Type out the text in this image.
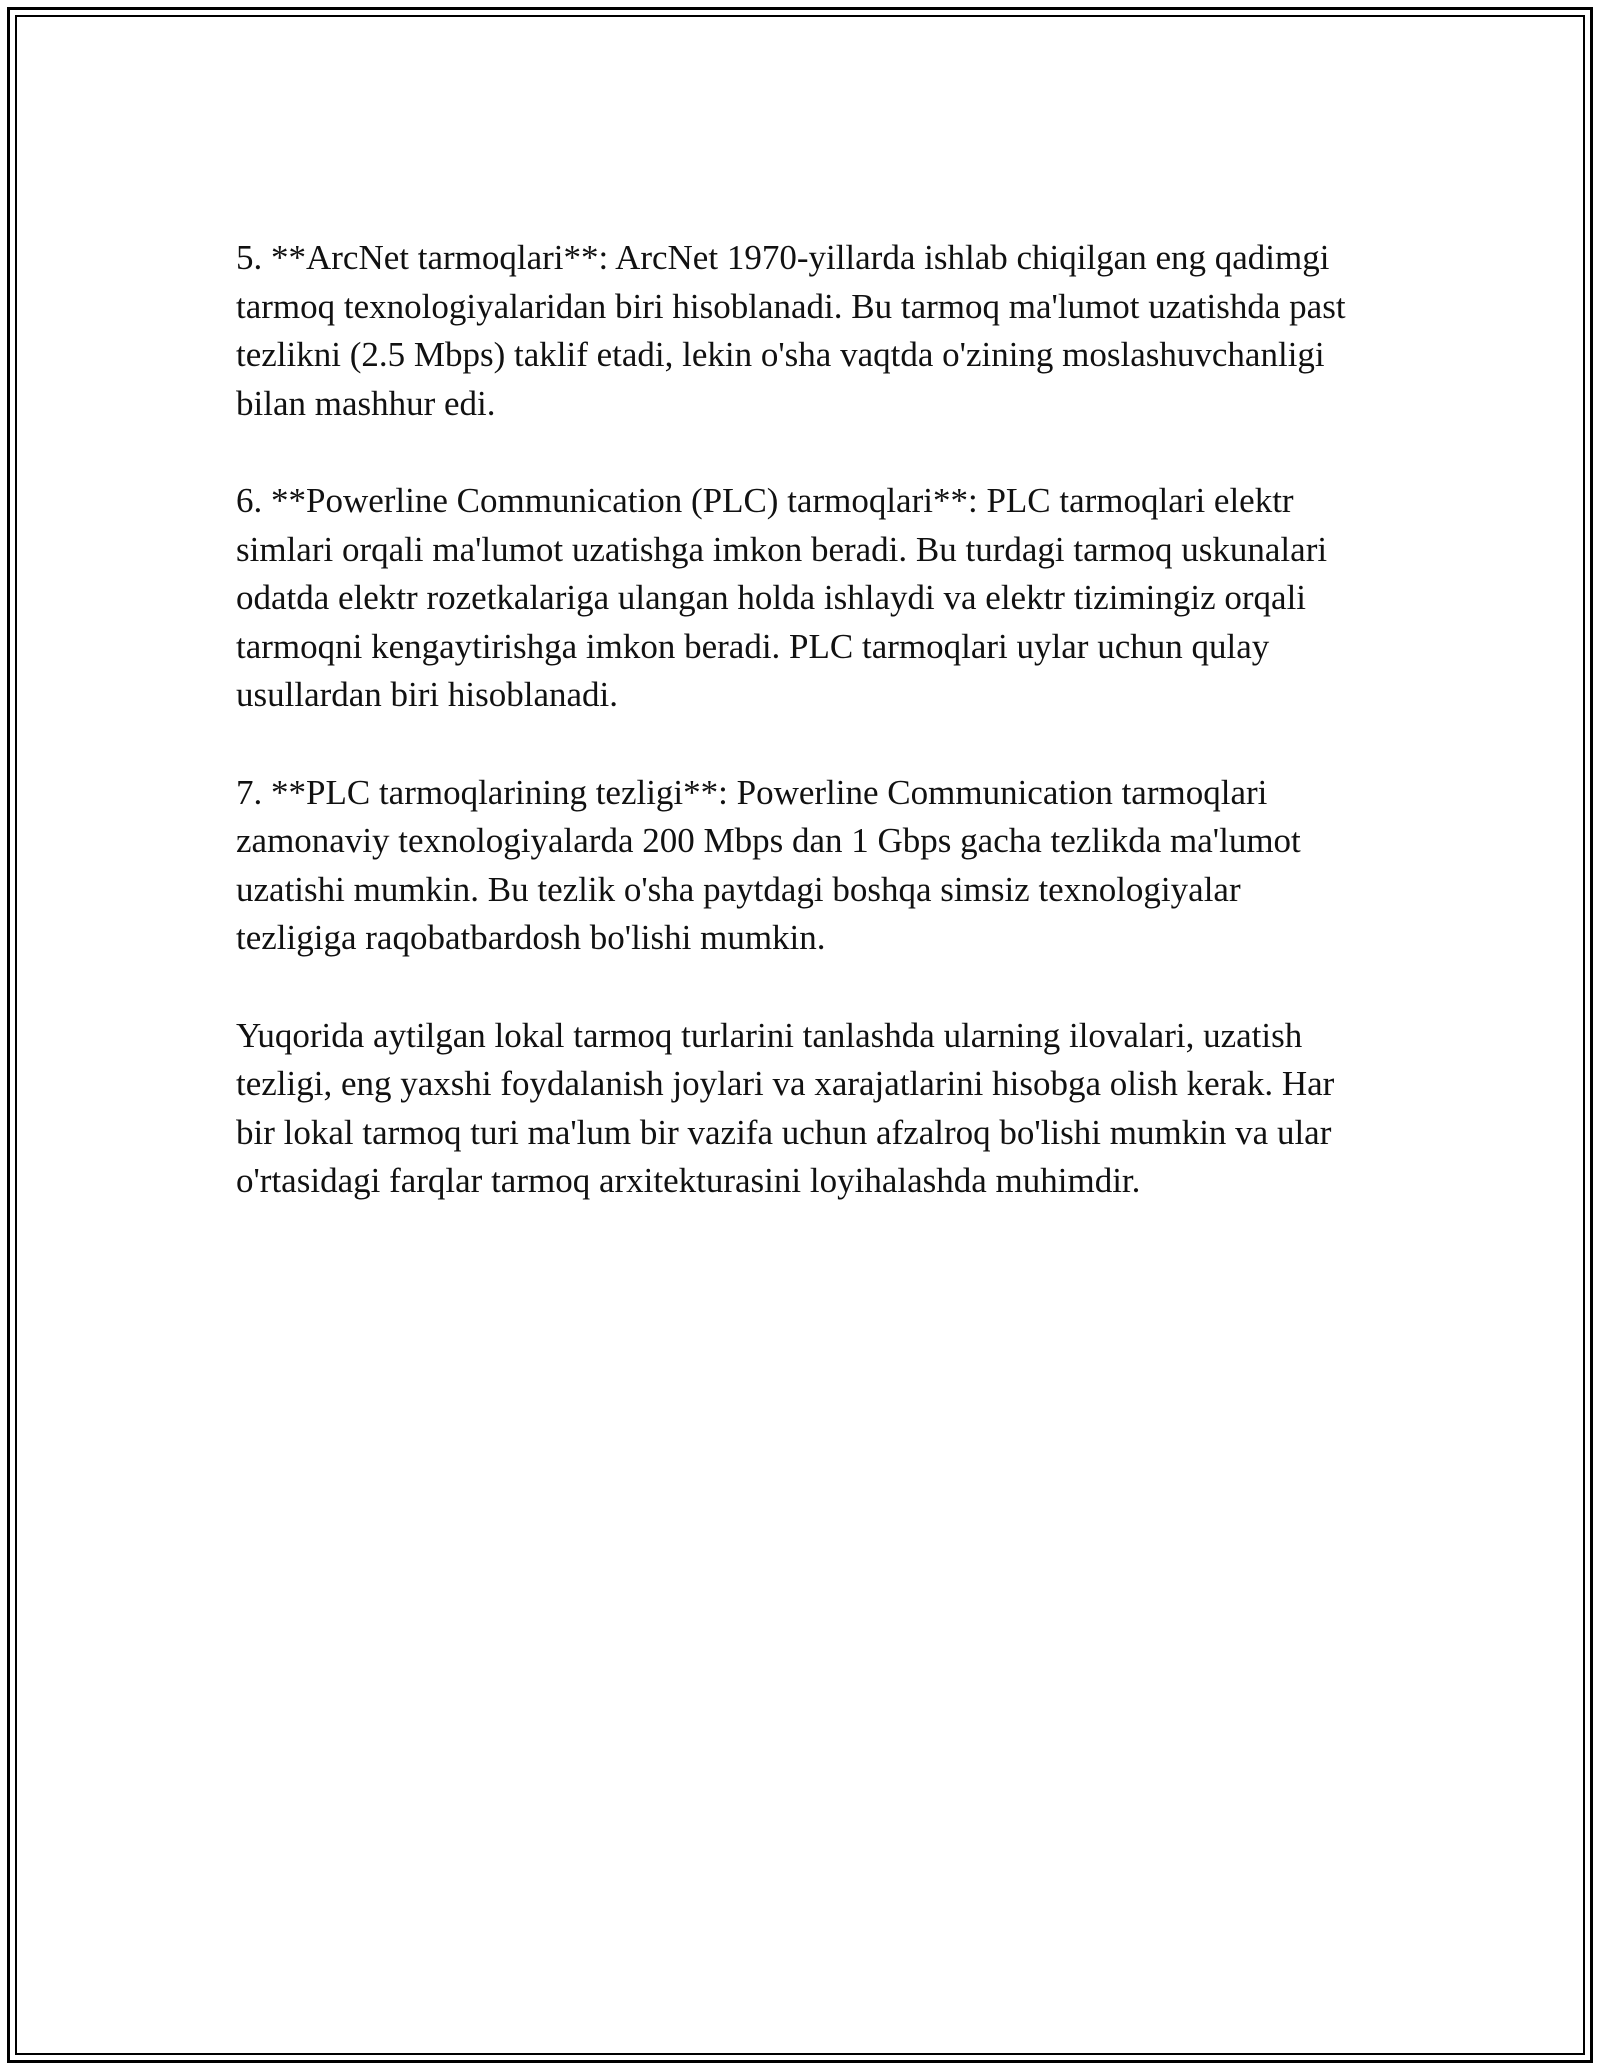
5. **ArcNet tarmoqlari**: ArcNet 1970-yillarda ishlab chiqilgan eng qadimgi tarmoq texnologiyalaridan biri hisoblanadi. Bu tarmoq ma'lumot uzatishda past tezlikni (2.5 Mbps) taklif etadi, lekin o'sha vaqtda o'zining moslashuvchanligi bilan mashhur edi.

6. **Powerline Communication (PLC) tarmoqlari**: PLC tarmoqlari elektr simlari orqali ma'lumot uzatishga imkon beradi. Bu turdagi tarmoq uskunalari odatda elektr rozetkalariga ulangan holda ishlaydi va elektr tizimingiz orqali tarmoqni kengaytirishga imkon beradi. PLC tarmoqlari uylar uchun qulay usullardan biri hisoblanadi.

7. **PLC tarmoqlarining tezligi**: Powerline Communication tarmoqlari zamonaviy texnologiyalarda 200 Mbps dan 1 Gbps gacha tezlikda ma'lumot uzatishi mumkin. Bu tezlik o'sha paytdagi boshqa simsiz texnologiyalar tezligiga raqobatbardosh bo'lishi mumkin.

Yuqorida aytilgan lokal tarmoq turlarini tanlashda ularning ilovalari, uzatish tezligi, eng yaxshi foydalanish joylari va xarajatlarini hisobga olish kerak. Har bir lokal tarmoq turi ma'lum bir vazifa uchun afzalroq bo'lishi mumkin va ular o'rtasidagi farqlar tarmoq arxitekturasini loyihalashda muhimdir.
